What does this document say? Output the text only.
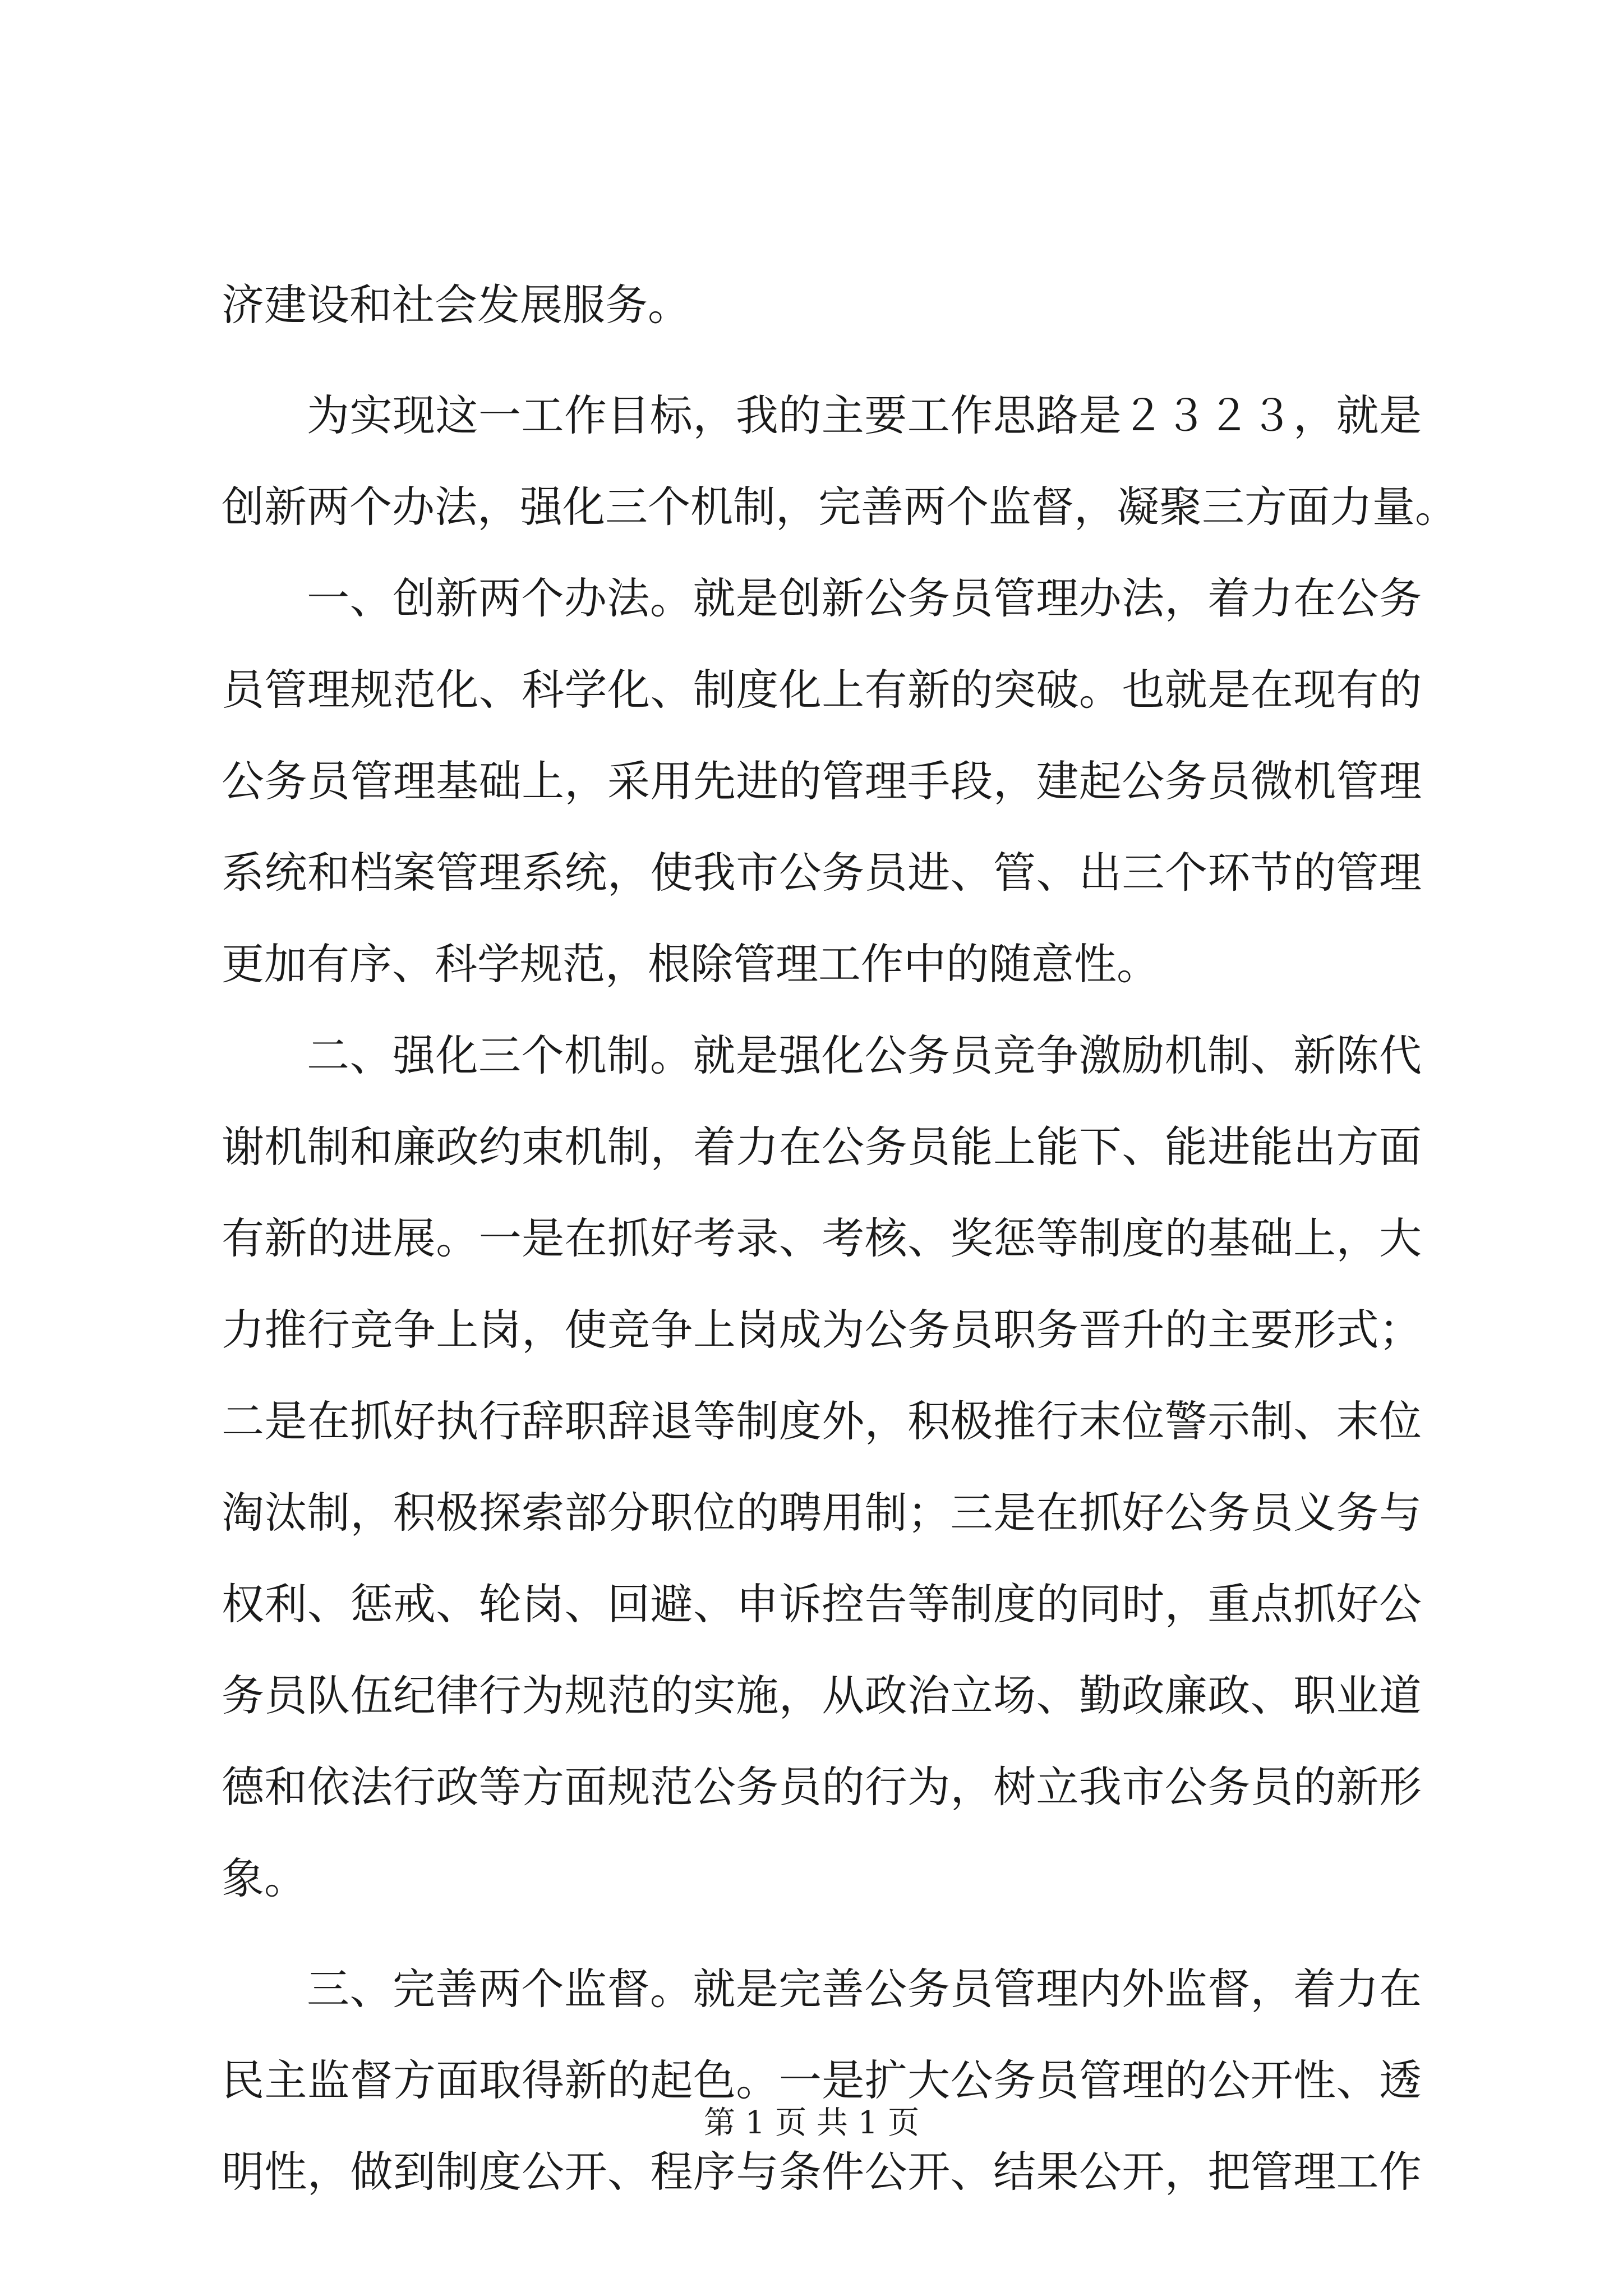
济建设和社会发展服务。
为实现这一工作目标，我的主要工作思路是２３２３，就是
创新两个办法，强化三个机制，完善两个监督，凝聚三方面力量。
一、创新两个办法。就是创新公务员管理办法，着力在公务
员管理规范化、科学化、制度化上有新的突破。也就是在现有的
公务员管理基础上，采用先进的管理手段，建起公务员微机管理
系统和档案管理系统，使我市公务员进、管、出三个环节的管理
更加有序、科学规范，根除管理工作中的随意性。
二、强化三个机制。就是强化公务员竞争激励机制、新陈代
谢机制和廉政约束机制，着力在公务员能上能下、能进能出方面
有新的进展。一是在抓好考录、考核、奖惩等制度的基础上，大
力推行竞争上岗，使竞争上岗成为公务员职务晋升的主要形式；
二是在抓好执行辞职辞退等制度外，积极推行末位警示制、末位
淘汰制，积极探索部分职位的聘用制；三是在抓好公务员义务与
权利、惩戒、轮岗、回避、申诉控告等制度的同时，重点抓好公
务员队伍纪律行为规范的实施，从政治立场、勤政廉政、职业道
德和依法行政等方面规范公务员的行为，树立我市公务员的新形
象。
三、完善两个监督。就是完善公务员管理内外监督，着力在
民主监督方面取得新的起色。一是扩大公务员管理的公开性、透
明性，做到制度公开、程序与条件公开、结果公开，把管理工作
第 1 页 共 1 页
